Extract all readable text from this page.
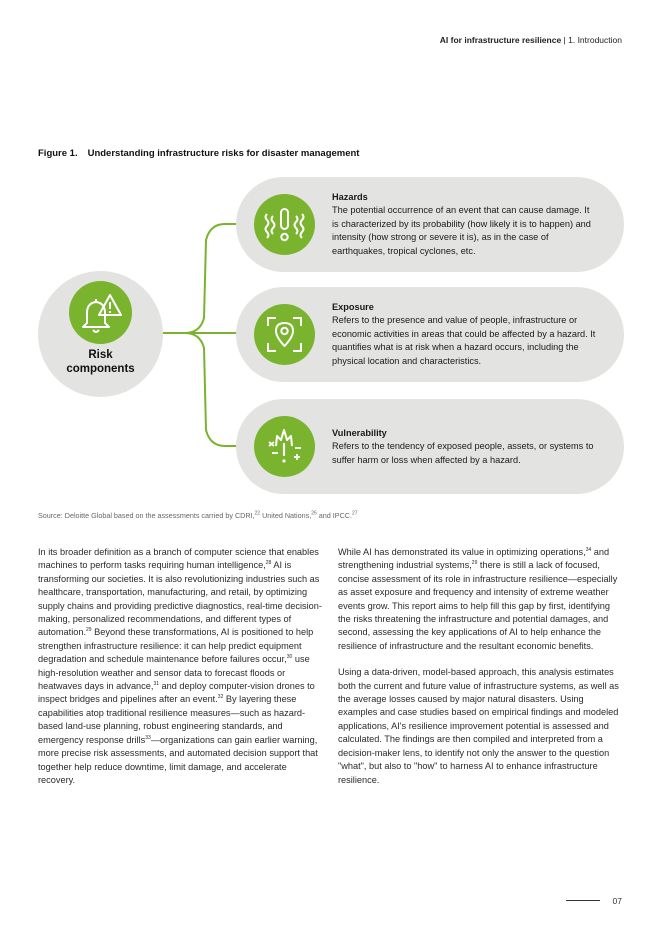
AI for infrastructure resilience | 1. Introduction
Figure 1. Understanding infrastructure risks for disaster management
Risk
components
Hazards
The potential occurrence of an event that can cause damage. It is characterized by its probability (how likely it is to happen) and intensity (how strong or severe it is), as in the case of earthquakes, tropical cyclones, etc.
Exposure
Refers to the presence and value of people, infrastructure or economic activities in areas that could be affected by a hazard. It quantifies what is at risk when a hazard occurs, including the physical location and characteristics.
Vulnerability
Refers to the tendency of exposed people, assets, or systems to suffer harm or loss when affected by a hazard.
Source: Deloitte Global based on the assessments carried by CDRI,$^{22}$ United Nations,$^{26}$ and IPCC.$^{27}$

In its broader definition as a branch of computer science that enables machines to perform tasks requiring human intelligence,$^{28}$ AI is transforming our societies. It is also revolutionizing industries such as healthcare, transportation, manufacturing, and retail, by optimizing supply chains and providing predictive diagnostics, real-time decision-making, personalized recommendations, and different types of automation.$^{29}$ Beyond these transformations, AI is positioned to help strengthen infrastructure resilience: it can help predict equipment degradation and schedule maintenance before failures occur,$^{30}$ use high-resolution weather and sensor data to forecast floods or heatwaves days in advance,$^{31}$ and deploy computer-vision drones to inspect bridges and pipelines after an event.$^{32}$ By layering these capabilities atop traditional resilience measures—such as hazard-based land-use planning, robust engineering standards, and emergency response drills$^{33}$—organizations can gain earlier warning, more precise risk assessments, and automated decision support that together help reduce downtime, limit damage, and accelerate recovery.

While AI has demonstrated its value in optimizing operations,$^{34}$ and strengthening industrial systems,$^{29}$ there is still a lack of focused, concise assessment of its role in infrastructure resilience—especially as asset exposure and frequency and intensity of extreme weather events grow. This report aims to help fill this gap by first, identifying the risks threatening the infrastructure and potential damages, and second, assessing the key applications of AI to help enhance the resilience of infrastructure and the resultant economic benefits.

Using a data-driven, model-based approach, this analysis estimates both the current and future value of infrastructure systems, as well as the average losses caused by major natural disasters. Using examples and case studies based on empirical findings and modeled applications, AI's resilience improvement potential is assessed and calculated. The findings are then compiled and interpreted from a decision-maker lens, to identify not only the answer to the question "what", but also to "how" to harness AI to enhance infrastructure resilience.

07
